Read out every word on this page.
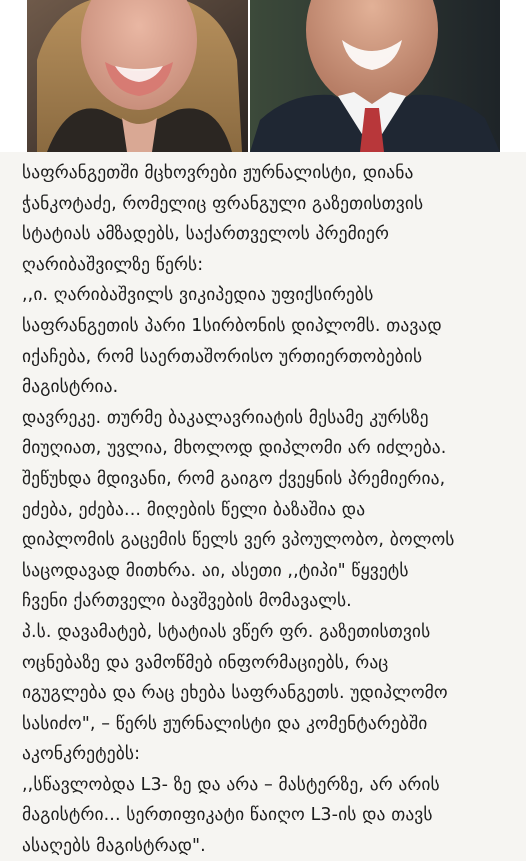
საფრანგეთში მცხოვრები ჟურნალისტი, დიანა
ჭანკოტაძე, რომელიც ფრანგული გაზეთისთვის
სტატიას ამზადებს, საქართველოს პრემიერ
ღარიბაშვილზე წერს:
,,ი. ღარიბაშვილს ვიკიპედია უფიქსირებს
საფრანგეთის პარი 1სირბონის დიპლომს. თავად
იქაჩება, რომ საერთაშორისო ურთიერთობების
მაგისტრია.
დავრეკე. თურმე ბაკალავრიატის მესამე კურსზე
მიუღიათ, უვლია, მხოლოდ დიპლომი არ იძლება.
შეწუხდა მდივანი, რომ გაიგო ქვეყნის პრემიერია,
ეძება, ეძება... მიღების წელი ბაზაშია და
დიპლომის გაცემის წელს ვერ ვპოულობო, ბოლოს
საცოდავად მითხრა. აი, ასეთი ,,ტიპი" წყვეტს
ჩვენი ქართველი ბავშვების მომავალს.
პ.ს. დავამატებ, სტატიას ვწერ ფრ. გაზეთისთვის
ოცნებაზე და ვამოწმებ ინფორმაციებს, რაც
იგუგლება და რაც ეხება საფრანგეთს. უდიპლომო
სასიძო", – წერს ჟურნალისტი და კომენტარებში
აკონკრეტებს:
,,სწავლობდა L3- ზე და არა – მასტერზე, არ არის
მაგისტრი... სერთიფიკატი წაიღო L3-ის და თავს
ასაღებს მაგისტრად".
